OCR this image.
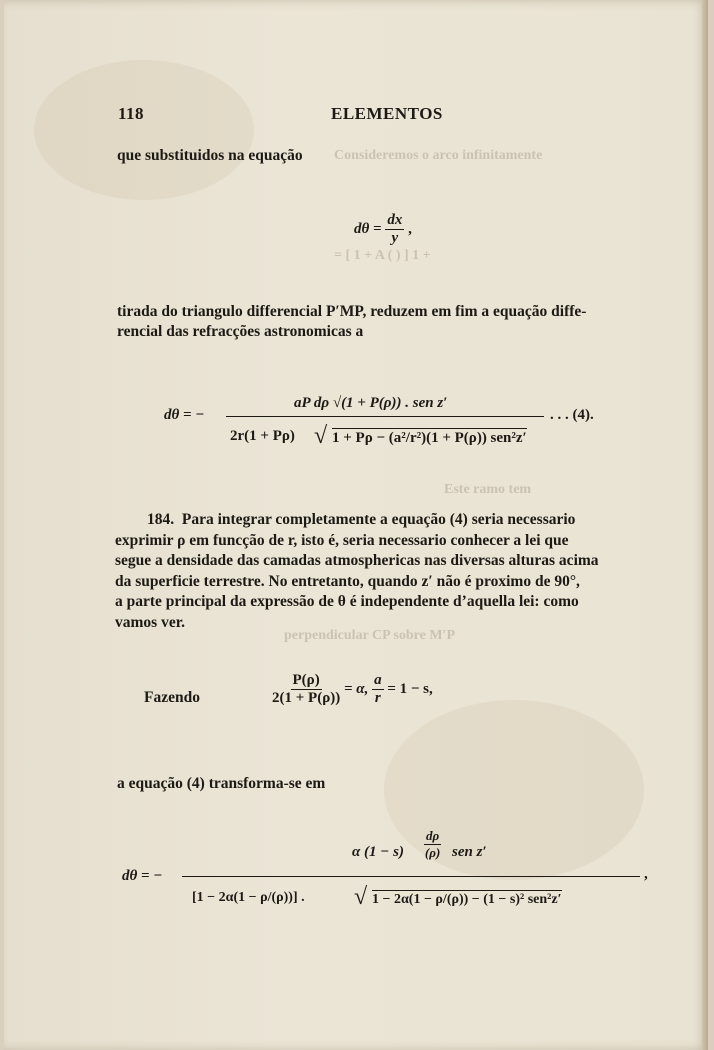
Consideremos o arco infinitamente
= [ 1 + A ( ) ] 1 +
Este ramo tem
perpendicular CP sobre M′P
118	ELEMENTOS
que substituidos na equação
$d\theta = \frac{dx}{y}$ ,
tirada do triangulo differencial P′MP, reduzem em fim a equação diffe-
rencial das refracções astronomicas a
dθ = −
aP dρ √(1 + P(ρ)) . sen z′
2r(1 + Pρ) √ 1 + Pρ − (a²/r²)(1 + P(ρ)) sen²z′
. . . (4).
184. Para integrar completamente a equação (4) seria necessario
exprimir ρ em funcção de r, isto é, seria necessario conhecer a lei que
segue a densidade das camadas atmosphericas nas diversas alturas acima
da superficie terrestre. No entretanto, quando z′ não é proximo de 90°,
a parte principal da expressão de θ é independente d’aquella lei: como
vamos ver.
Fazendo	$\frac{P(\rho)}{2(1 + P(\rho))} = \alpha$, $\frac{a}{r} = 1 - s$,
a equação (4) transforma-se em
dθ = −
α $(1 - s) \frac{d\rho}{(\rho)}$ sen z′
[1 − 2α(1 − ρ/(ρ))] . √ 1 − 2α(1 − ρ/(ρ)) − (1 − s)² sen²z′
,
